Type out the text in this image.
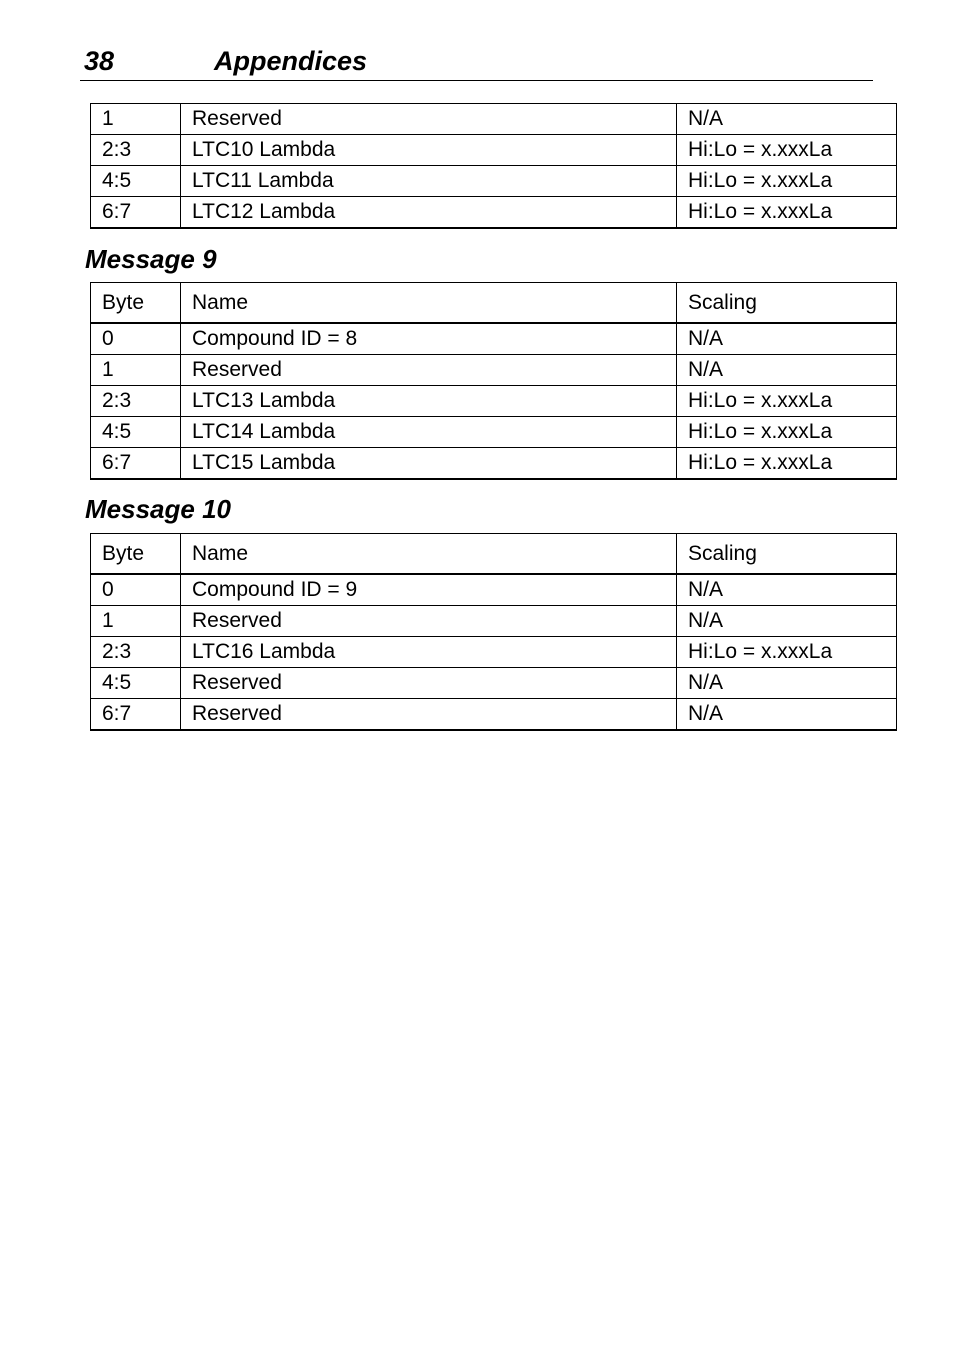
38	Appendices
1	Reserved	N/A
2:3	LTC10 Lambda	Hi:Lo = x.xxxLa
4:5	LTC11 Lambda	Hi:Lo = x.xxxLa
6:7	LTC12 Lambda	Hi:Lo = x.xxxLa
Message 9
Byte	Name	Scaling
0	Compound ID = 8	N/A
1	Reserved	N/A
2:3	LTC13 Lambda	Hi:Lo = x.xxxLa
4:5	LTC14 Lambda	Hi:Lo = x.xxxLa
6:7	LTC15 Lambda	Hi:Lo = x.xxxLa
Message 10
Byte	Name	Scaling
0	Compound ID = 9	N/A
1	Reserved	N/A
2:3	LTC16 Lambda	Hi:Lo = x.xxxLa
4:5	Reserved	N/A
6:7	Reserved	N/A
